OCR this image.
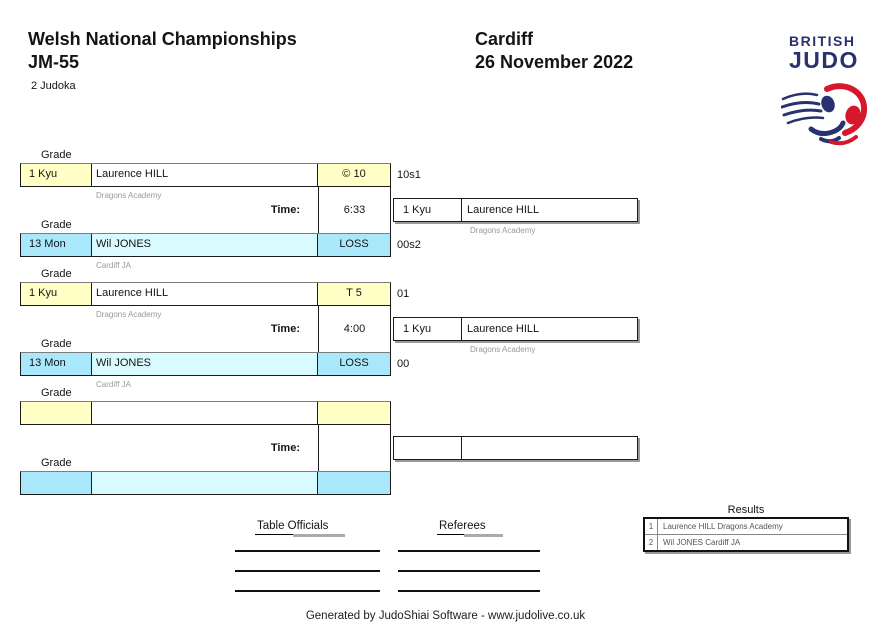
Welsh National Championships
JM-55
2 Judoka
Cardiff
26 November 2022
BRITISH
JUDO
Grade
1 Kyu	Laurence HILL	© 10
Dragons Academy
10s1
Time:	6:33
Grade
13 Mon	Wil JONES	LOSS
Cardiff JA
00s2
1 Kyu	Laurence HILL
Dragons Academy
Grade
1 Kyu	Laurence HILL	T 5
Dragons Academy
01
Time:	4:00
Grade
13 Mon	Wil JONES	LOSS
Cardiff JA
00
1 Kyu	Laurence HILL
Dragons Academy
Grade
Time:
Grade
Table Officials	Referees
Results
1	Laurence HILL Dragons Academy
2	Wil JONES Cardiff JA
Generated by JudoShiai Software - www.judolive.co.uk
